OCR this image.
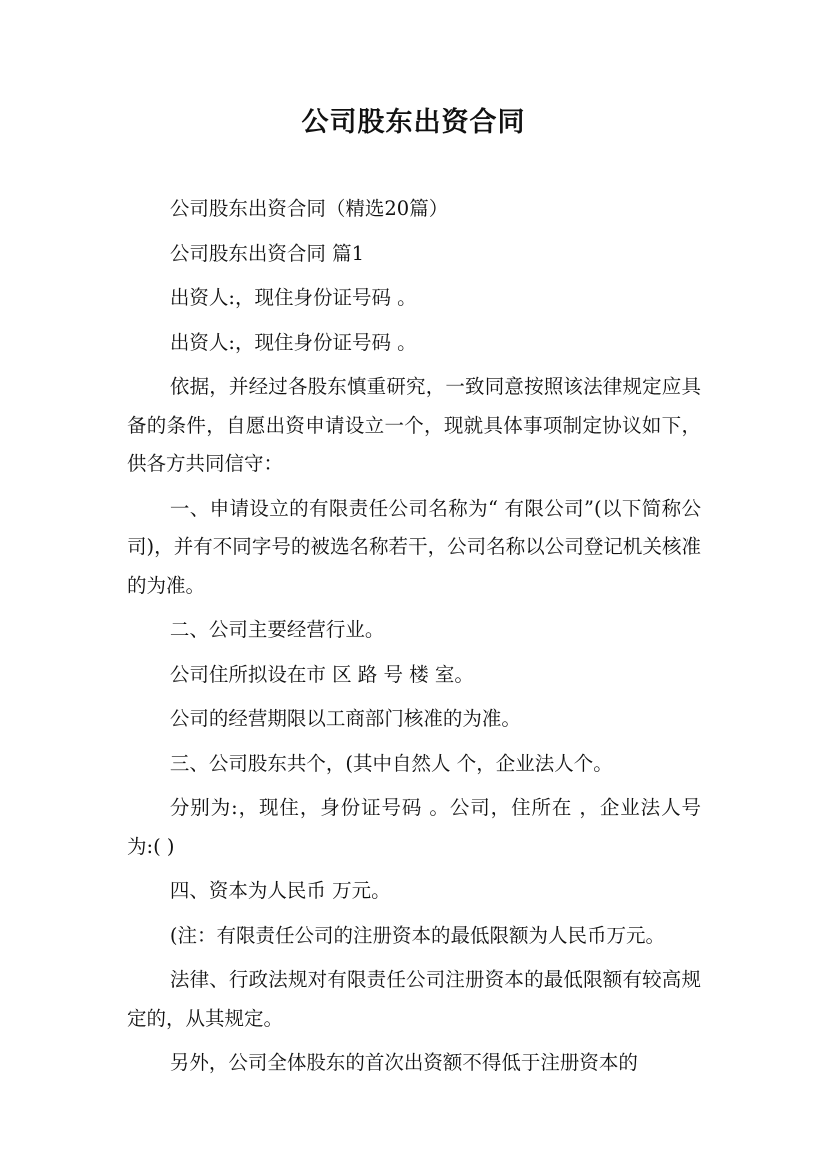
公司股东出资合同

公司股东出资合同（精选20篇）

公司股东出资合同 篇1

出资人:，现住身份证号码 。

出资人:，现住身份证号码 。

依据，并经过各股东慎重研究，一致同意按照该法律规定应具备的条件，自愿出资申请设立一个，现就具体事项制定协议如下，供各方共同信守：

一、申请设立的有限责任公司名称为“ 有限公司”(以下简称公司)，并有不同字号的被选名称若干，公司名称以公司登记机关核准的为准。

二、公司主要经营行业。

公司住所拟设在市 区 路 号 楼 室。

公司的经营期限以工商部门核准的为准。

三、公司股东共个，(其中自然人 个，企业法人个。

分别为:，现住，身份证号码 。公司，住所在 ，企业法人号为:( )

四、资本为人民币 万元。

(注：有限责任公司的注册资本的最低限额为人民币万元。

法律、行政法规对有限责任公司注册资本的最低限额有较高规定的，从其规定。

另外，公司全体股东的首次出资额不得低于注册资本的
